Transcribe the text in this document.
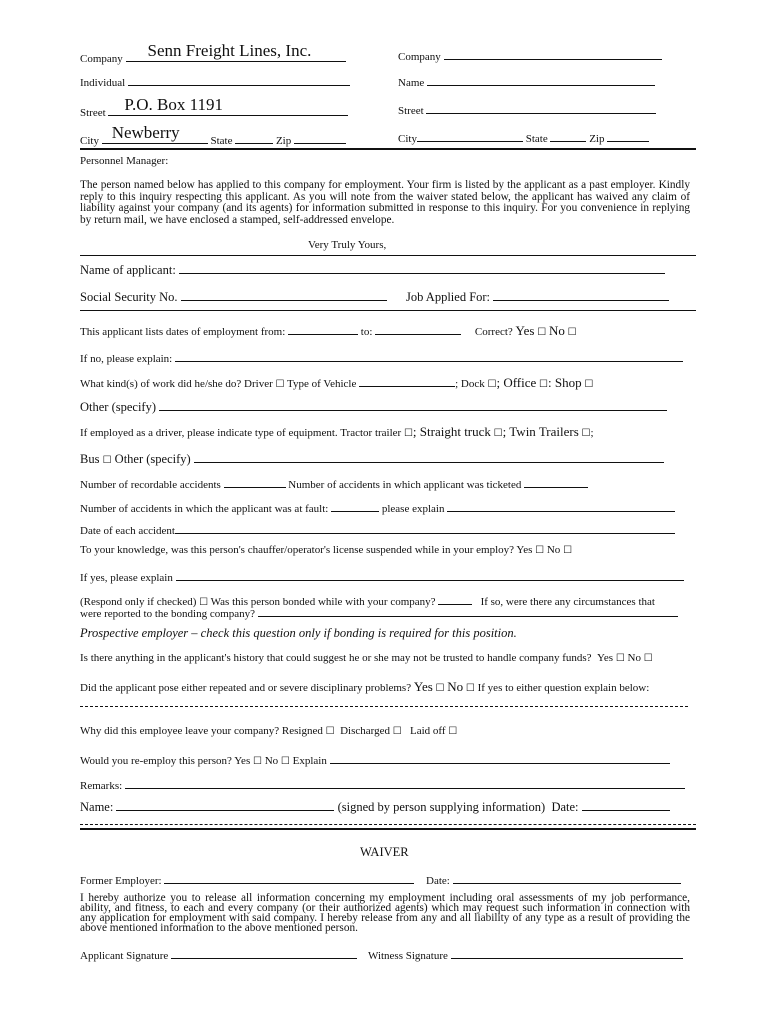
Company Senn Freight Lines, Inc.
Individual
Street P.O. Box 1191
City Newberry	State	Zip
Company
Name
Street
City	State	Zip
Personnel Manager:
The person named below has applied to this company for employment. Your firm is listed by the applicant as a past employer. Kindly reply to this inquiry respecting this applicant. As you will note from the waiver stated below, the applicant has waived any claim of liability against your company (and its agents) for information submitted in response to this inquiry. For you convenience in replying by return mail, we have enclosed a stamped, self-addressed envelope.
Very Truly Yours,
Name of applicant:
Social Security No.	Job Applied For:
This applicant lists dates of employment from:	to:	Correct? Yes ☐ No ☐
If no, please explain:
What kind(s) of work did he/she do? Driver ☐ Type of Vehicle	; Dock ☐; Office ☐: Shop ☐
Other (specify)
If employed as a driver, please indicate type of equipment. Tractor trailer ☐; Straight truck ☐; Twin Trailers ☐;
Bus ☐ Other (specify)
Number of recordable accidents	Number of accidents in which applicant was ticketed
Number of accidents in which the applicant was at fault:	please explain
Date of each accident
To your knowledge, was this person's chauffer/operator's license suspended while in your employ? Yes ☐ No ☐
If yes, please explain
(Respond only if checked) ☐ Was this person bonded while with your company?	If so, were there any circumstances that
were reported to the bonding company?
Prospective employer – check this question only if bonding is required for this position.
Is there anything in the applicant's history that could suggest he or she may not be trusted to handle company funds? Yes ☐ No ☐
Did the applicant pose either repeated and or severe disciplinary problems? Yes ☐ No ☐ If yes to either question explain below:
Why did this employee leave your company? Resigned ☐ Discharged ☐ Laid off ☐
Would you re-employ this person? Yes ☐ No ☐ Explain
Remarks:
Name:	(signed by person supplying information) Date:
WAIVER
Former Employer:	Date:
I hereby authorize you to release all information concerning my employment including oral assessments of my job performance, ability, and fitness, to each and every company (or their authorized agents) which may request such information in connection with any application for employment with said company. I hereby release from any and all liability of any type as a result of providing the above mentioned information to the above mentioned person.
Applicant Signature	Witness Signature
